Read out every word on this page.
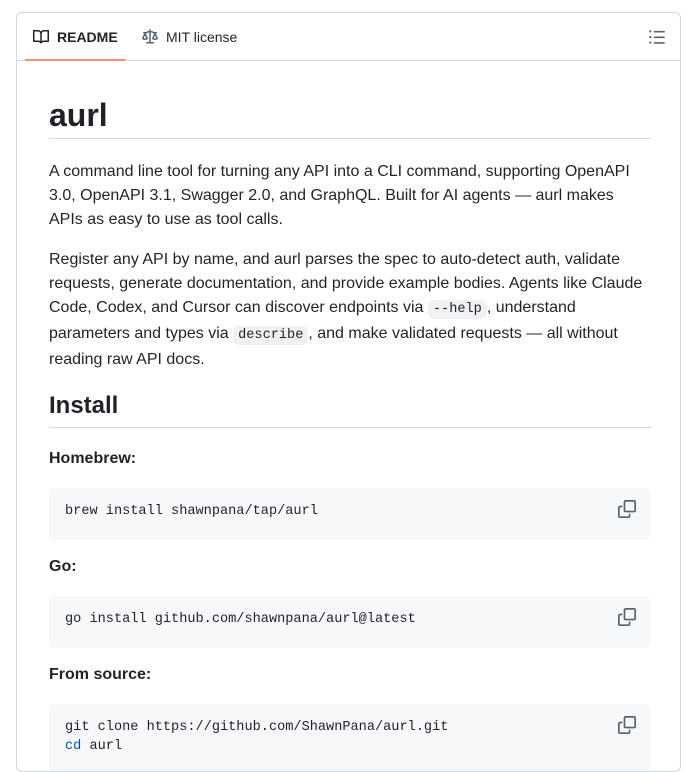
README	MIT license
aurl

A command line tool for turning any API into a CLI command, supporting OpenAPI 3.0, OpenAPI 3.1, Swagger 2.0, and GraphQL. Built for AI agents — aurl makes APIs as easy to use as tool calls.

Register any API by name, and aurl parses the spec to auto-detect auth, validate requests, generate documentation, and provide example bodies. Agents like Claude Code, Codex, and Cursor can discover endpoints via --help , understand parameters and types via describe , and make validated requests — all without reading raw API docs.

Install
Homebrew:
brew install shawnpana/tap/aurl
Go:
go install github.com/shawnpana/aurl@latest
From source:
git clone https://github.com/ShawnPana/aurl.git
cd aurl
